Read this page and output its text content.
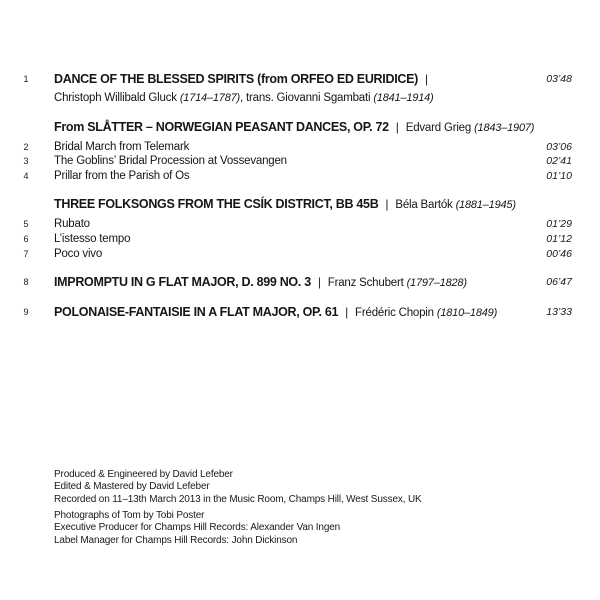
1	DANCE OF THE BLESSED SPIRITS (from ORFEO ED EURIDICE) |	03’48
Christoph Willibald Gluck (1714–1787), trans. Giovanni Sgambati (1841–1914)
From SLÅTTER – NORWEGIAN PEASANT DANCES, OP. 72 | Edvard Grieg (1843–1907)
2	Bridal March from Telemark	03’06
3	The Goblins’ Bridal Procession at Vossevangen	02’41
4	Prillar from the Parish of Os	01’10
THREE FOLKSONGS FROM THE CSÍK DISTRICT, BB 45B | Béla Bartók (1881–1945)
5	Rubato	01’29
6	L’istesso tempo	01’12
7	Poco vivo	00’46
8	IMPROMPTU IN G FLAT MAJOR, D. 899 NO. 3 | Franz Schubert (1797–1828)	06’47
9	POLONAISE-FANTAISIE IN A FLAT MAJOR, OP. 61 | Frédéric Chopin (1810–1849)	13’33

Produced & Engineered by David Lefeber

Edited & Mastered by David Lefeber

Recorded on 11–13th March 2013 in the Music Room, Champs Hill, West Sussex, UK

Photographs of Tom by Tobi Poster

Executive Producer for Champs Hill Records: Alexander Van Ingen

Label Manager for Champs Hill Records: John Dickinson
